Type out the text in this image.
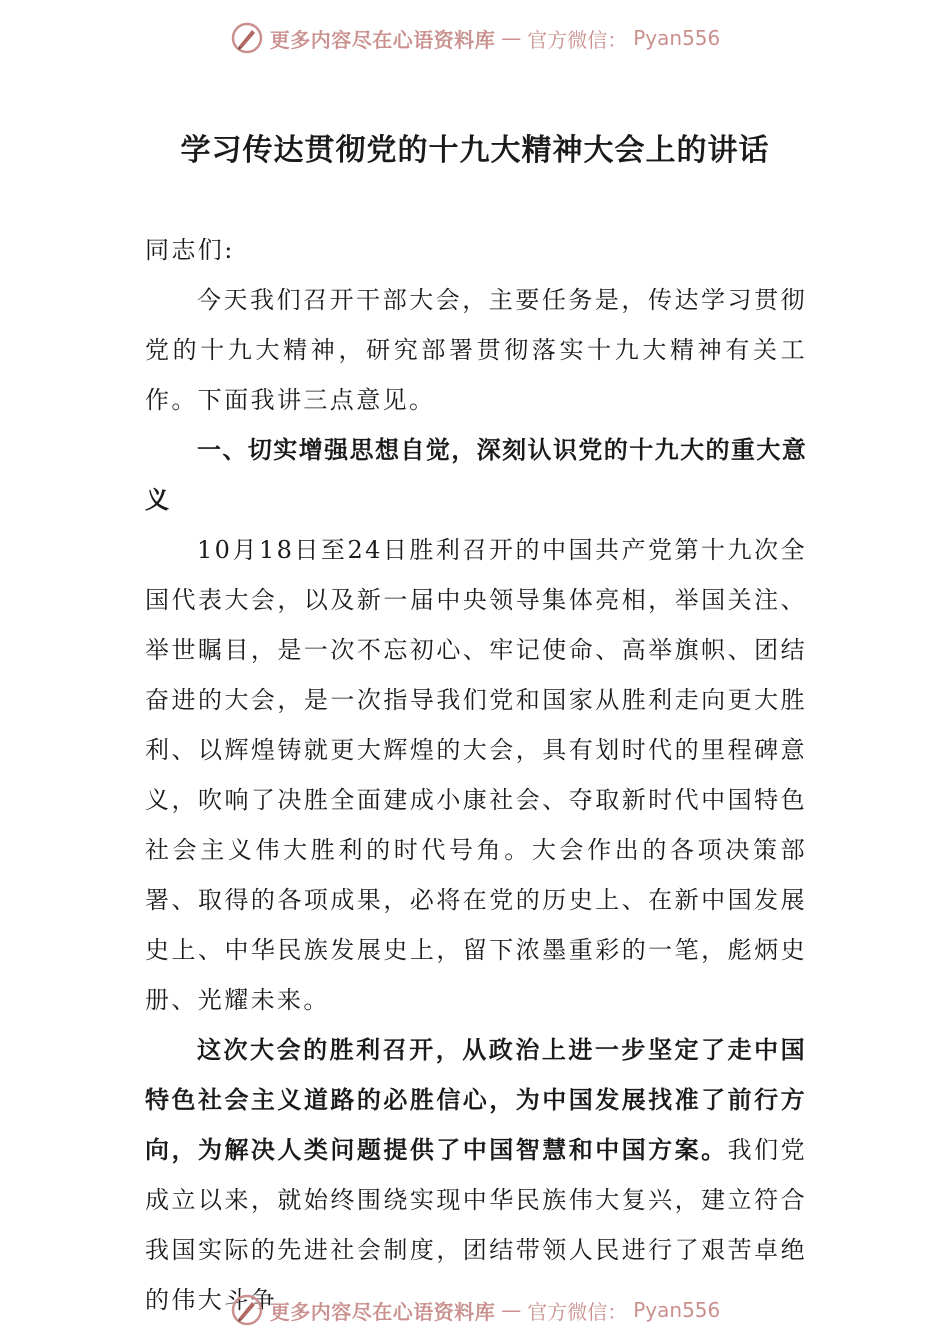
更多内容尽在心语资料库 — 官方微信： Pyan556
学习传达贯彻党的十九大精神大会上的讲话

同志们:

今天我们召开干部大会，主要任务是，传达学习贯彻党的十九大精神，研究部署贯彻落实十九大精神有关工作。下面我讲三点意见。

一、切实增强思想自觉，深刻认识党的十九大的重大意义

10月18日至24日胜利召开的中国共产党第十九次全国代表大会，以及新一届中央领导集体亮相，举国关注、举世瞩目，是一次不忘初心、牢记使命、高举旗帜、团结奋进的大会，是一次指导我们党和国家从胜利走向更大胜利、以辉煌铸就更大辉煌的大会，具有划时代的里程碑意义，吹响了决胜全面建成小康社会、夺取新时代中国特色社会主义伟大胜利的时代号角。大会作出的各项决策部署、取得的各项成果，必将在党的历史上、在新中国发展史上、中华民族发展史上，留下浓墨重彩的一笔，彪炳史册、光耀未来。

这次大会的胜利召开，从政治上进一步坚定了走中国特色社会主义道路的必胜信心，为中国发展找准了前行方向，为解决人类问题提供了中国智慧和中国方案。我们党成立以来，就始终围绕实现中华民族伟大复兴，建立符合我国实际的先进社会制度，团结带领人民进行了艰苦卓绝的伟大斗争

更多内容尽在心语资料库 — 官方微信： Pyan556
